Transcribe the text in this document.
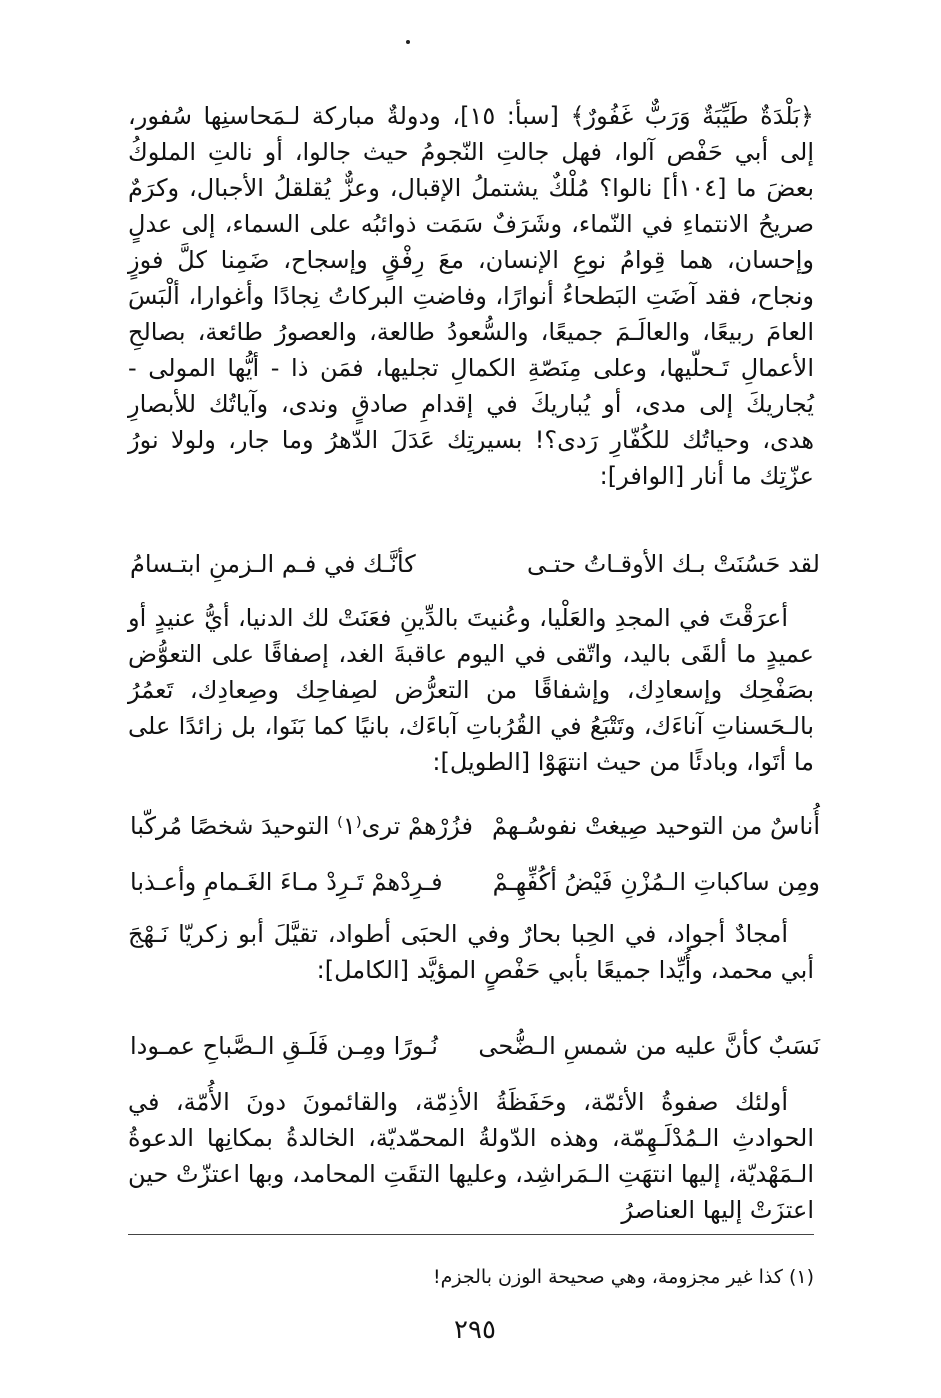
﴿بَلْدَةٌ طَيِّبَةٌ وَرَبٌّ غَفُورٌ﴾ [سبأ: ١٥]، ودولةٌ مباركة لـمَحاسنِها سُفور، إلى أبي حَفْص آلوا، فهل جالتِ النّجومُ حيث جالوا، أو نالتِ الملوكُ بعضَ ما [١٠٤أ] نالوا؟ مُلْكٌ يشتملُ الإقبال، وعزٌّ يُقلقلُ الأجبال، وكرَمٌ صريحُ الانتماءِ في النّماء، وشَرَفٌ سَمَت ذوائبُه على السماء، إلى عدلٍ وإحسان، هما قِوامُ نوعِ الإنسان، معَ رِفْقٍ وإسجاح، ضَمِنا كلَّ فوزٍ ونجاح، فقد آضَتِ البَطحاءُ أنوارًا، وفاضتِ البركاتُ نِجادًا وأغوارا، ألْبَسَ العامَ ربيعًا، والعالَـمَ جميعًا، والسُّعودُ طالعة، والعصورُ طائعة، بصالحِ الأعمالِ تَـحلّيها، وعلى مِنَصّةِ الكمالِ تجليها، فمَن ذا - أيُّها المولى - يُجاريكَ إلى مدى، أو يُباريكَ في إقدامِ صادقٍ وندى، وآياتُك للأبصارِ هدى، وحياتُك للكُفّارِ رَدى؟! بسيرتِك عَدَلَ الدّهرُ وما جار، ولولا نورُ عزّتِك ما أنار [الوافر]:

لقد حَسُنَتْ بـك الأوقـاتُ حتـى
كأنَّـك في فـم الـزمنِ ابتـسامُ

أعرَقْتَ في المجدِ والعَلْيا، وعُنيتَ بالدِّينِ فعَنَتْ لك الدنيا، أيُّ عنيدٍ أو عميدٍ ما ألقَى باليد، واتّقى في اليوم عاقبةَ الغد، إصفاقًا على التعوُّض بصَفْحِك وإسعادِك، وإشفاقًا من التعرُّض لصِفاحِك وصِعادِك، تَعمُرُ بالـحَسناتِ آناءَك، وتَتْبَعُ في القُرُباتِ آباءَك، بانيًا كما بَنَوا، بل زائدًا على ما أتَوا، وبادئًا من حيث انتهَوْا [الطويل]:

أُناسٌ من التوحيد صِيغتْ نفوسُـهمْ
فزُرْهمْ ترى⁽١⁾ التوحيدَ شخصًا مُركّبا
ومِن ساكباتِ الـمُزْنِ فَيْضُ أكُفِّهِـمْ
فـرِدْهمْ تَـرِدْ مـاءَ الغَـمامِ وأعـذبا

أمجادٌ أجواد، في الحِبا بحارٌ وفي الحبَى أطواد، تقيَّلَ أبو زكريّا نَـهْجَ أبي محمد، وأُيِّدا جميعًا بأبي حَفْصٍ المؤيَّد [الكامل]:

نَسَبٌ كأنَّ عليه من شمسِ الـضُّحى
نُـورًا ومِـن فَلَـقِ الـصَّباحِ عمـودا

أولئك صفوةُ الأئمّة، وحَفَظَةُ الأذِمّة، والقائمونَ دونَ الأُمّة، في الحوادثِ الـمُدْلَـهِمّة، وهذه الدّولةُ المحمّديّة، الخالدةُ بمكانِها الدعوةُ الـمَهْديّة، إليها انتهَتِ الـمَراشِد، وعليها التقَتِ المحامد، وبها اعتزّتْ حين اعتزَتْ إليها العناصرُ

(١) كذا غير مجزومة، وهي صحيحة الوزن بالجزم!
٢٩٥
